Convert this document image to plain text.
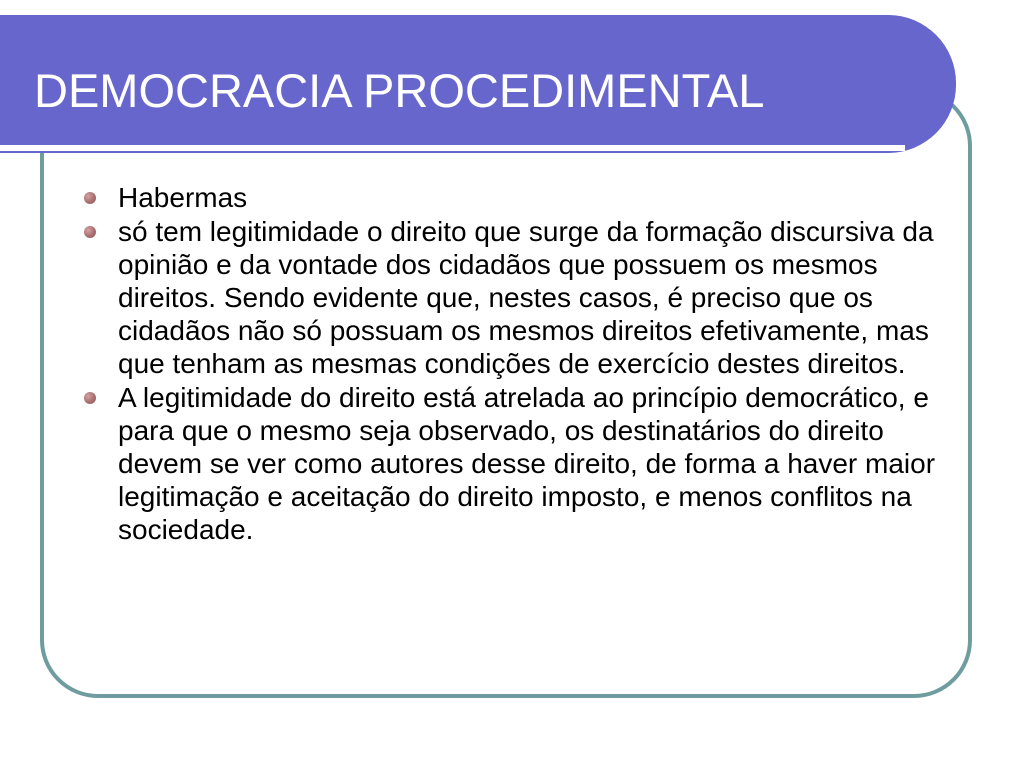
DEMOCRACIA PROCEDIMENTAL
Habermas
só tem legitimidade o direito que surge da formação discursiva da opinião e da vontade dos cidadãos que possuem os mesmos direitos. Sendo evidente que, nestes casos, é preciso que os cidadãos não só possuam os mesmos direitos efetivamente, mas que tenham as mesmas condições de exercício destes direitos.
A legitimidade do direito está atrelada ao princípio democrático, e para que o mesmo seja observado, os destinatários do direito devem se ver como autores desse direito, de forma a haver maior legitimação e aceitação do direito imposto, e menos conflitos na sociedade.
